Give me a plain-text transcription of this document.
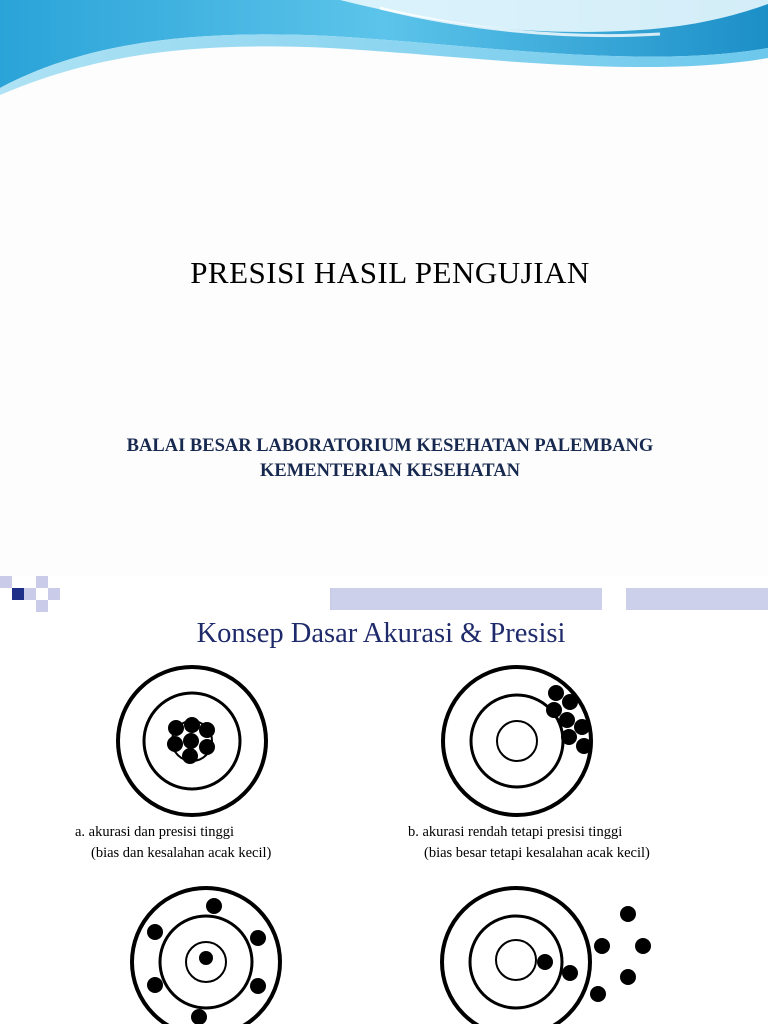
PRESISI HASIL PENGUJIAN
BALAI BESAR LABORATORIUM KESEHATAN PALEMBANG
KEMENTERIAN KESEHATAN
Konsep Dasar Akurasi & Presisi
a. akurasi dan presisi tinggi
(bias dan kesalahan acak kecil)
b. akurasi rendah tetapi presisi tinggi
(bias besar tetapi kesalahan acak kecil)
